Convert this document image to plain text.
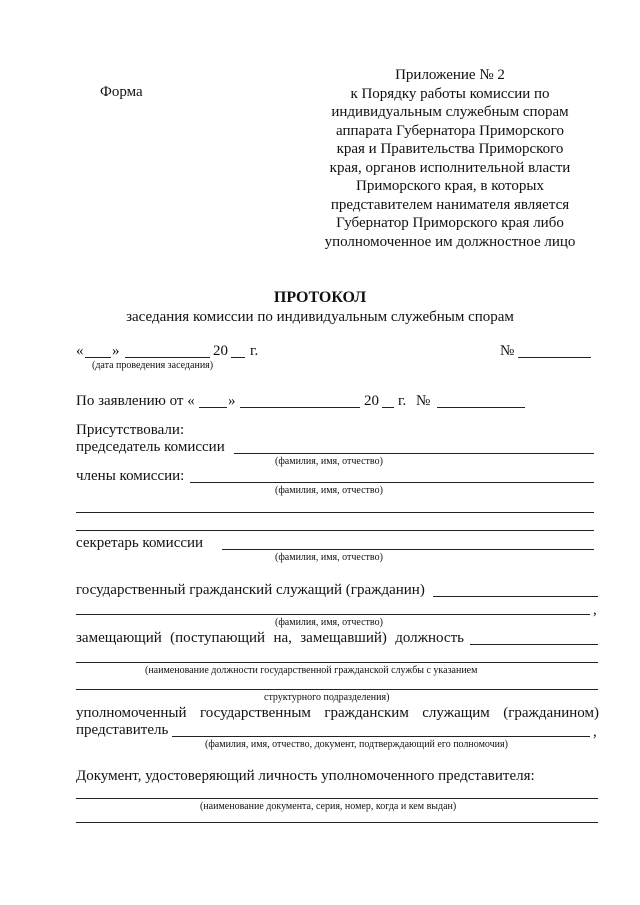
Форма
Приложение № 2
к Порядку работы комиссии по
индивидуальным служебным спорам
аппарата Губернатора Приморского
края и Правительства Приморского
края, органов исполнительной власти
Приморского края, в которых
представителем нанимателя является
Губернатор Приморского края либо
уполномоченное им должностное лицо
ПРОТОКОЛ
заседания комиссии по индивидуальным служебным спорам
« »	20 г.	№
(дата проведения заседания)
По заявлению от « »	20 г. №
Присутствовали:
председатель комиссии
(фамилия, имя, отчество)
члены комиссии:
(фамилия, имя, отчество)
секретарь комиссии
(фамилия, имя, отчество)
государственный гражданский служащий (гражданин)
,
(фамилия, имя, отчество)
замещающий (поступающий на, замещавший) должность
(наименование должности государственной гражданской службы с указанием
структурного подразделения)
уполномоченный государственным гражданским служащим (гражданином)
представитель	,
(фамилия, имя, отчество, документ, подтверждающий его полномочия)
Документ, удостоверяющий личность уполномоченного представителя:
(наименование документа, серия, номер, когда и кем выдан)
